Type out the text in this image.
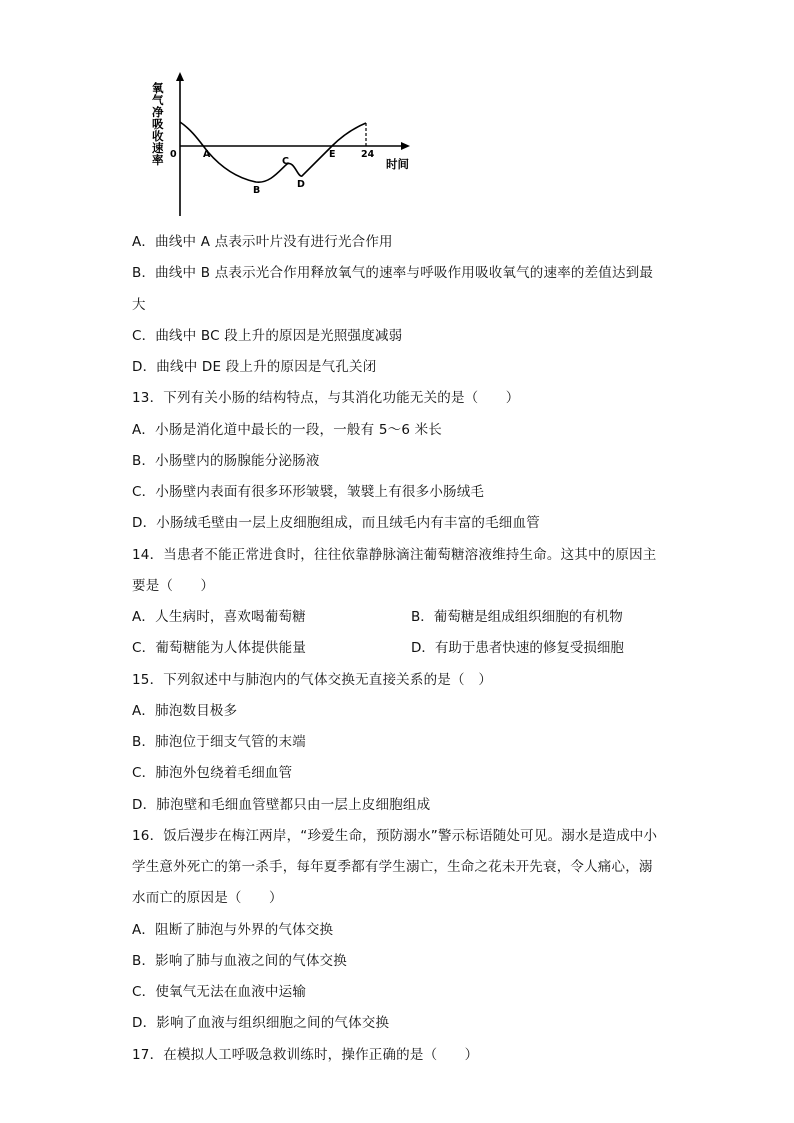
氧
气
净
吸
收
速
率 0	24
时间
A
B
C
D
E
A．曲线中 A 点表示叶片没有进行光合作用
B．曲线中 B 点表示光合作用释放氧气的速率与呼吸作用吸收氧气的速率的差值达到最
大
C．曲线中 BC 段上升的原因是光照强度减弱
D．曲线中 DE 段上升的原因是气孔关闭
13．下列有关小肠的结构特点，与其消化功能无关的是（　　）
A．小肠是消化道中最长的一段，一般有 5～6 米长
B．小肠壁内的肠腺能分泌肠液
C．小肠壁内表面有很多环形皱襞，皱襞上有很多小肠绒毛
D．小肠绒毛壁由一层上皮细胞组成，而且绒毛内有丰富的毛细血管
14．当患者不能正常进食时，往往依靠静脉滴注葡萄糖溶液维持生命。这其中的原因主
要是（　　）
A．人生病时，喜欢喝葡萄糖	B．葡萄糖是组成组织细胞的有机物
C．葡萄糖能为人体提供能量	D．有助于患者快速的修复受损细胞
15．下列叙述中与肺泡内的气体交换无直接关系的是（　）
A．肺泡数目极多
B．肺泡位于细支气管的末端
C．肺泡外包绕着毛细血管
D．肺泡壁和毛细血管壁都只由一层上皮细胞组成
16．饭后漫步在梅江两岸，“珍爱生命，预防溺水”警示标语随处可见。溺水是造成中小
学生意外死亡的第一杀手，每年夏季都有学生溺亡，生命之花未开先衰，令人痛心，溺
水而亡的原因是（　　）
A．阻断了肺泡与外界的气体交换
B．影响了肺与血液之间的气体交换
C．使氧气无法在血液中运输
D．影响了血液与组织细胞之间的气体交换
17．在模拟人工呼吸急救训练时，操作正确的是（　　）
